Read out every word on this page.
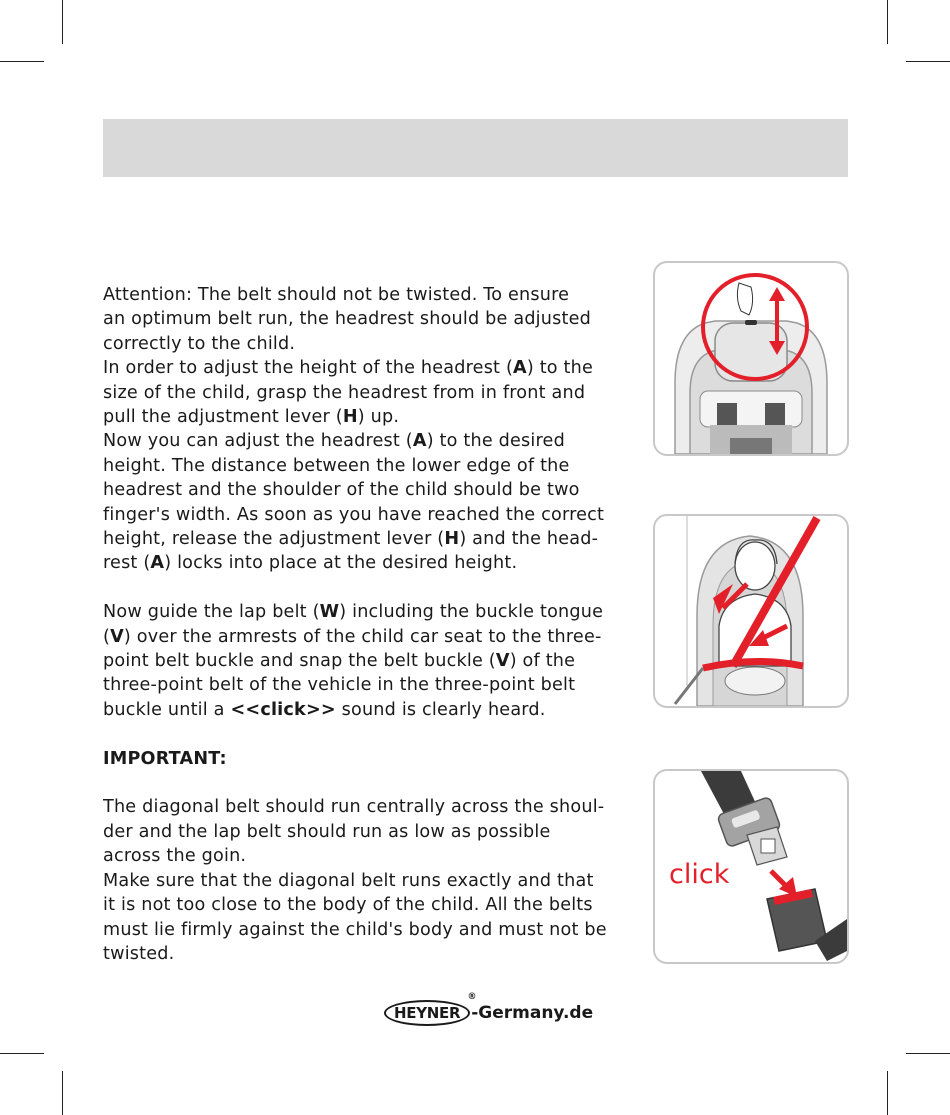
Attention: The belt should not be twisted. To ensure

an optimum belt run, the headrest should be adjusted

correctly to the child.

In order to adjust the height of the headrest (A) to the

size of the child, grasp the headrest from in front and

pull the adjustment lever (H) up.

Now you can adjust the headrest (A) to the desired

height. The distance between the lower edge of the

headrest and the shoulder of the child should be two

finger's width. As soon as you have reached the correct

height, release the adjustment lever (H) and the head-

rest (A) locks into place at the desired height.

Now guide the lap belt (W) including the buckle tongue

(V) over the armrests of the child car seat to the three-

point belt buckle and snap the belt buckle (V) of the

three-point belt of the vehicle in the three-point belt

buckle until a <<click>> sound is clearly heard.

IMPORTANT:

The diagonal belt should run centrally across the shoul-

der and the lap belt should run as low as possible

across the goin.

Make sure that the diagonal belt runs exactly and that

it is not too close to the body of the child. All the belts

must lie firmly against the child's body and must not be

twisted.

click
HEYNER
®
-Germany.de
